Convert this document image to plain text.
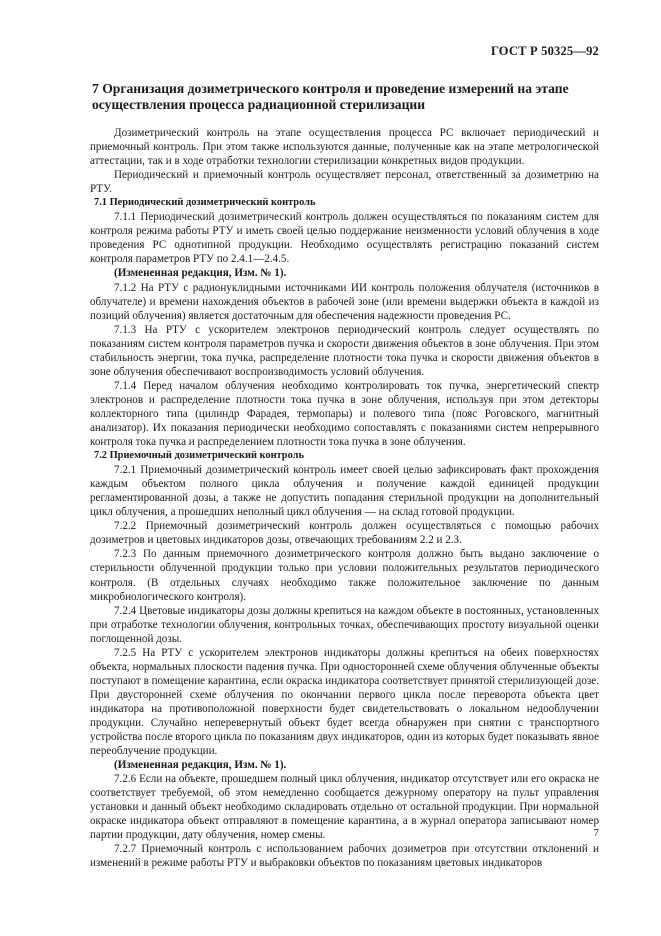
ГОСТ Р 50325—92
7 Организация дозиметрического контроля и проведение измерений на этапе осуществления процесса радиационной стерилизации

Дозиметрический контроль на этапе осуществления процесса РС включает периодический и приемочный контроль. При этом также используются данные, полученные как на этапе метрологической аттестации, так и в ходе отработки технологии стерилизации конкретных видов продукции.

Периодический и приемочный контроль осуществляет персонал, ответственный за дозиметрию на РТУ.

7.1 Периодический дозиметрический контроль

7.1.1 Периодический дозиметрический контроль должен осуществляться по показаниям систем для контроля режима работы РТУ и иметь своей целью поддержание неизменности условий облучения в ходе проведения РС однотипной продукции. Необходимо осуществлять регистрацию показаний систем контроля параметров РТУ по 2.4.1—2.4.5.

(Измененная редакция, Изм. № 1).

7.1.2 На РТУ с радионуклидными источниками ИИ контроль положения облучателя (источников в облучателе) и времени нахождения объектов в рабочей зоне (или времени выдержки объекта в каждой из позиций облучения) является достаточным для обеспечения надежности проведения РС.

7.1.3 На РТУ с ускорителем электронов периодический контроль следует осуществлять по показаниям систем контроля параметров пучка и скорости движения объектов в зоне облучения. При этом стабильность энергии, тока пучка, распределение плотности тока пучка и скорости движения объектов в зоне облучения обеспечивают воспроизводимость условий облучения.

7.1.4 Перед началом облучения необходимо контролировать ток пучка, энергетический спектр электронов и распределение плотности тока пучка в зоне облучения, используя при этом детекторы коллекторного типа (цилиндр Фарадея, термопары) и полевого типа (пояс Роговского, магнитный анализатор). Их показания периодически необходимо сопоставлять с показаниями систем непрерывного контроля тока пучка и распределением плотности тока пучка в зоне облучения.

7.2 Приемочный дозиметрический контроль

7.2.1 Приемочный дозиметрический контроль имеет своей целью зафиксировать факт прохождения каждым объектом полного цикла облучения и получение каждой единицей продукции регламентированной дозы, а также не допустить попадания стерильной продукции на дополнительный цикл облучения, а прошедших неполный цикл облучения — на склад готовой продукции.

7.2.2 Приемочный дозиметрический контроль должен осуществляться с помощью рабочих дозиметров и цветовых индикаторов дозы, отвечающих требованиям 2.2 и 2.3.

7.2.3 По данным приемочного дозиметрического контроля должно быть выдано заключение о стерильности облученной продукции только при условии положительных результатов периодического контроля. (В отдельных случаях необходимо также положительное заключение по данным микробиологического контроля).

7.2.4 Цветовые индикаторы дозы должны крепиться на каждом объекте в постоянных, установленных при отработке технологии облучения, контрольных точках, обеспечивающих простоту визуальной оценки поглощенной дозы.

7.2.5 На РТУ с ускорителем электронов индикаторы должны крепиться на обеих поверхностях объекта, нормальных плоскости падения пучка. При односторонней схеме облучения облученные объекты поступают в помещение карантина, если окраска индикатора соответствует принятой стерилизующей дозе. При двусторонней схеме облучения по окончании первого цикла после переворота объекта цвет индикатора на противоположной поверхности будет свидетельствовать о локальном недооблучении продукции. Случайно неперевернутый объект будет всегда обнаружен при снятии с транспортного устройства после второго цикла по показаниям двух индикаторов, один из которых будет показывать явное переоблучение продукции.

(Измененная редакция, Изм. № 1).

7.2.6 Если на объекте, прошедшем полный цикл облучения, индикатор отсутствует или его окраска не соответствует требуемой, об этом немедленно сообщается дежурному оператору на пульт управления установки и данный объект необходимо складировать отдельно от остальной продукции. При нормальной окраске индикатора объект отправляют в помещение карантина, а в журнал оператора записывают номер партии продукции, дату облучения, номер смены.

7.2.7 Приемочный контроль с использованием рабочих дозиметров при отсутствии отклонений и изменений в режиме работы РТУ и выбраковки объектов по показаниям цветовых индикаторов

7
